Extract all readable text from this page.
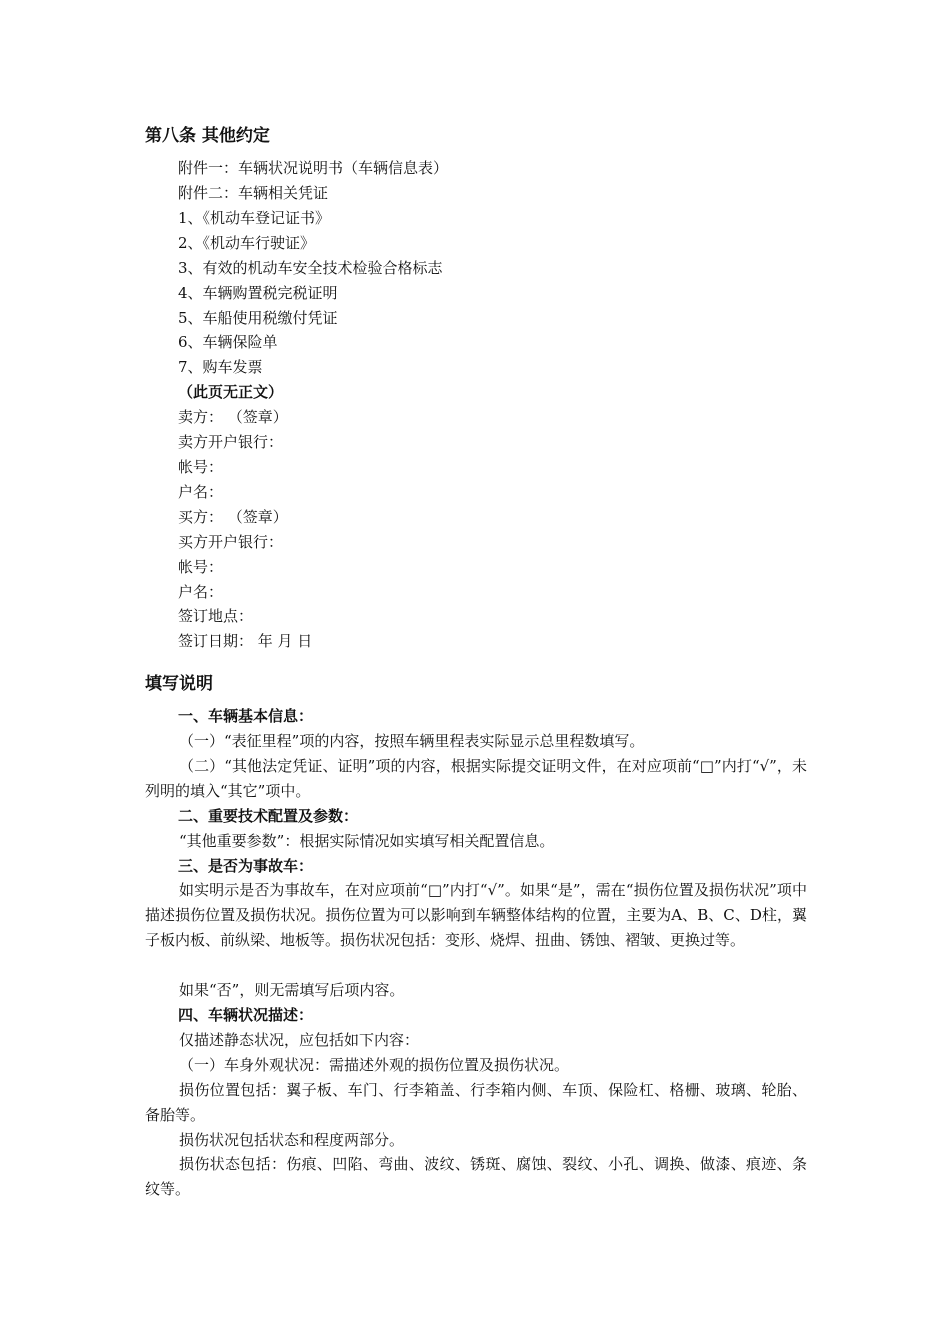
第八条 其他约定
附件一：车辆状况说明书（车辆信息表）
附件二：车辆相关凭证
1、《机动车登记证书》
2、《机动车行驶证》
3、有效的机动车安全技术检验合格标志
4、车辆购置税完税证明
5、车船使用税缴付凭证
6、车辆保险单
7、购车发票
（此页无正文）
卖方： （签章）
卖方开户银行：
帐号：
户名：
买方： （签章）
买方开户银行：
帐号：
户名：
签订地点：
签订日期： 年 月 日
填写说明
一、车辆基本信息：
（一）“表征里程”项的内容，按照车辆里程表实际显示总里程数填写。
（二）“其他法定凭证、证明”项的内容，根据实际提交证明文件，在对应项前“□”内打“√”，未列明的填入“其它”项中。
二、重要技术配置及参数：
“其他重要参数”：根据实际情况如实填写相关配置信息。
三、是否为事故车：
如实明示是否为事故车，在对应项前“□”内打“√”。如果“是”，需在“损伤位置及损伤状况”项中描述损伤位置及损伤状况。损伤位置为可以影响到车辆整体结构的位置，主要为A、B、C、D柱，翼子板内板、前纵梁、地板等。损伤状况包括：变形、烧焊、扭曲、锈蚀、褶皱、更换过等。
如果“否”，则无需填写后项内容。
四、车辆状况描述：
仅描述静态状况，应包括如下内容：
（一）车身外观状况：需描述外观的损伤位置及损伤状况。
损伤位置包括：翼子板、车门、行李箱盖、行李箱内侧、车顶、保险杠、格栅、玻璃、轮胎、备胎等。
损伤状况包括状态和程度两部分。
损伤状态包括：伤痕、凹陷、弯曲、波纹、锈斑、腐蚀、裂纹、小孔、调换、做漆、痕迹、条纹等。
